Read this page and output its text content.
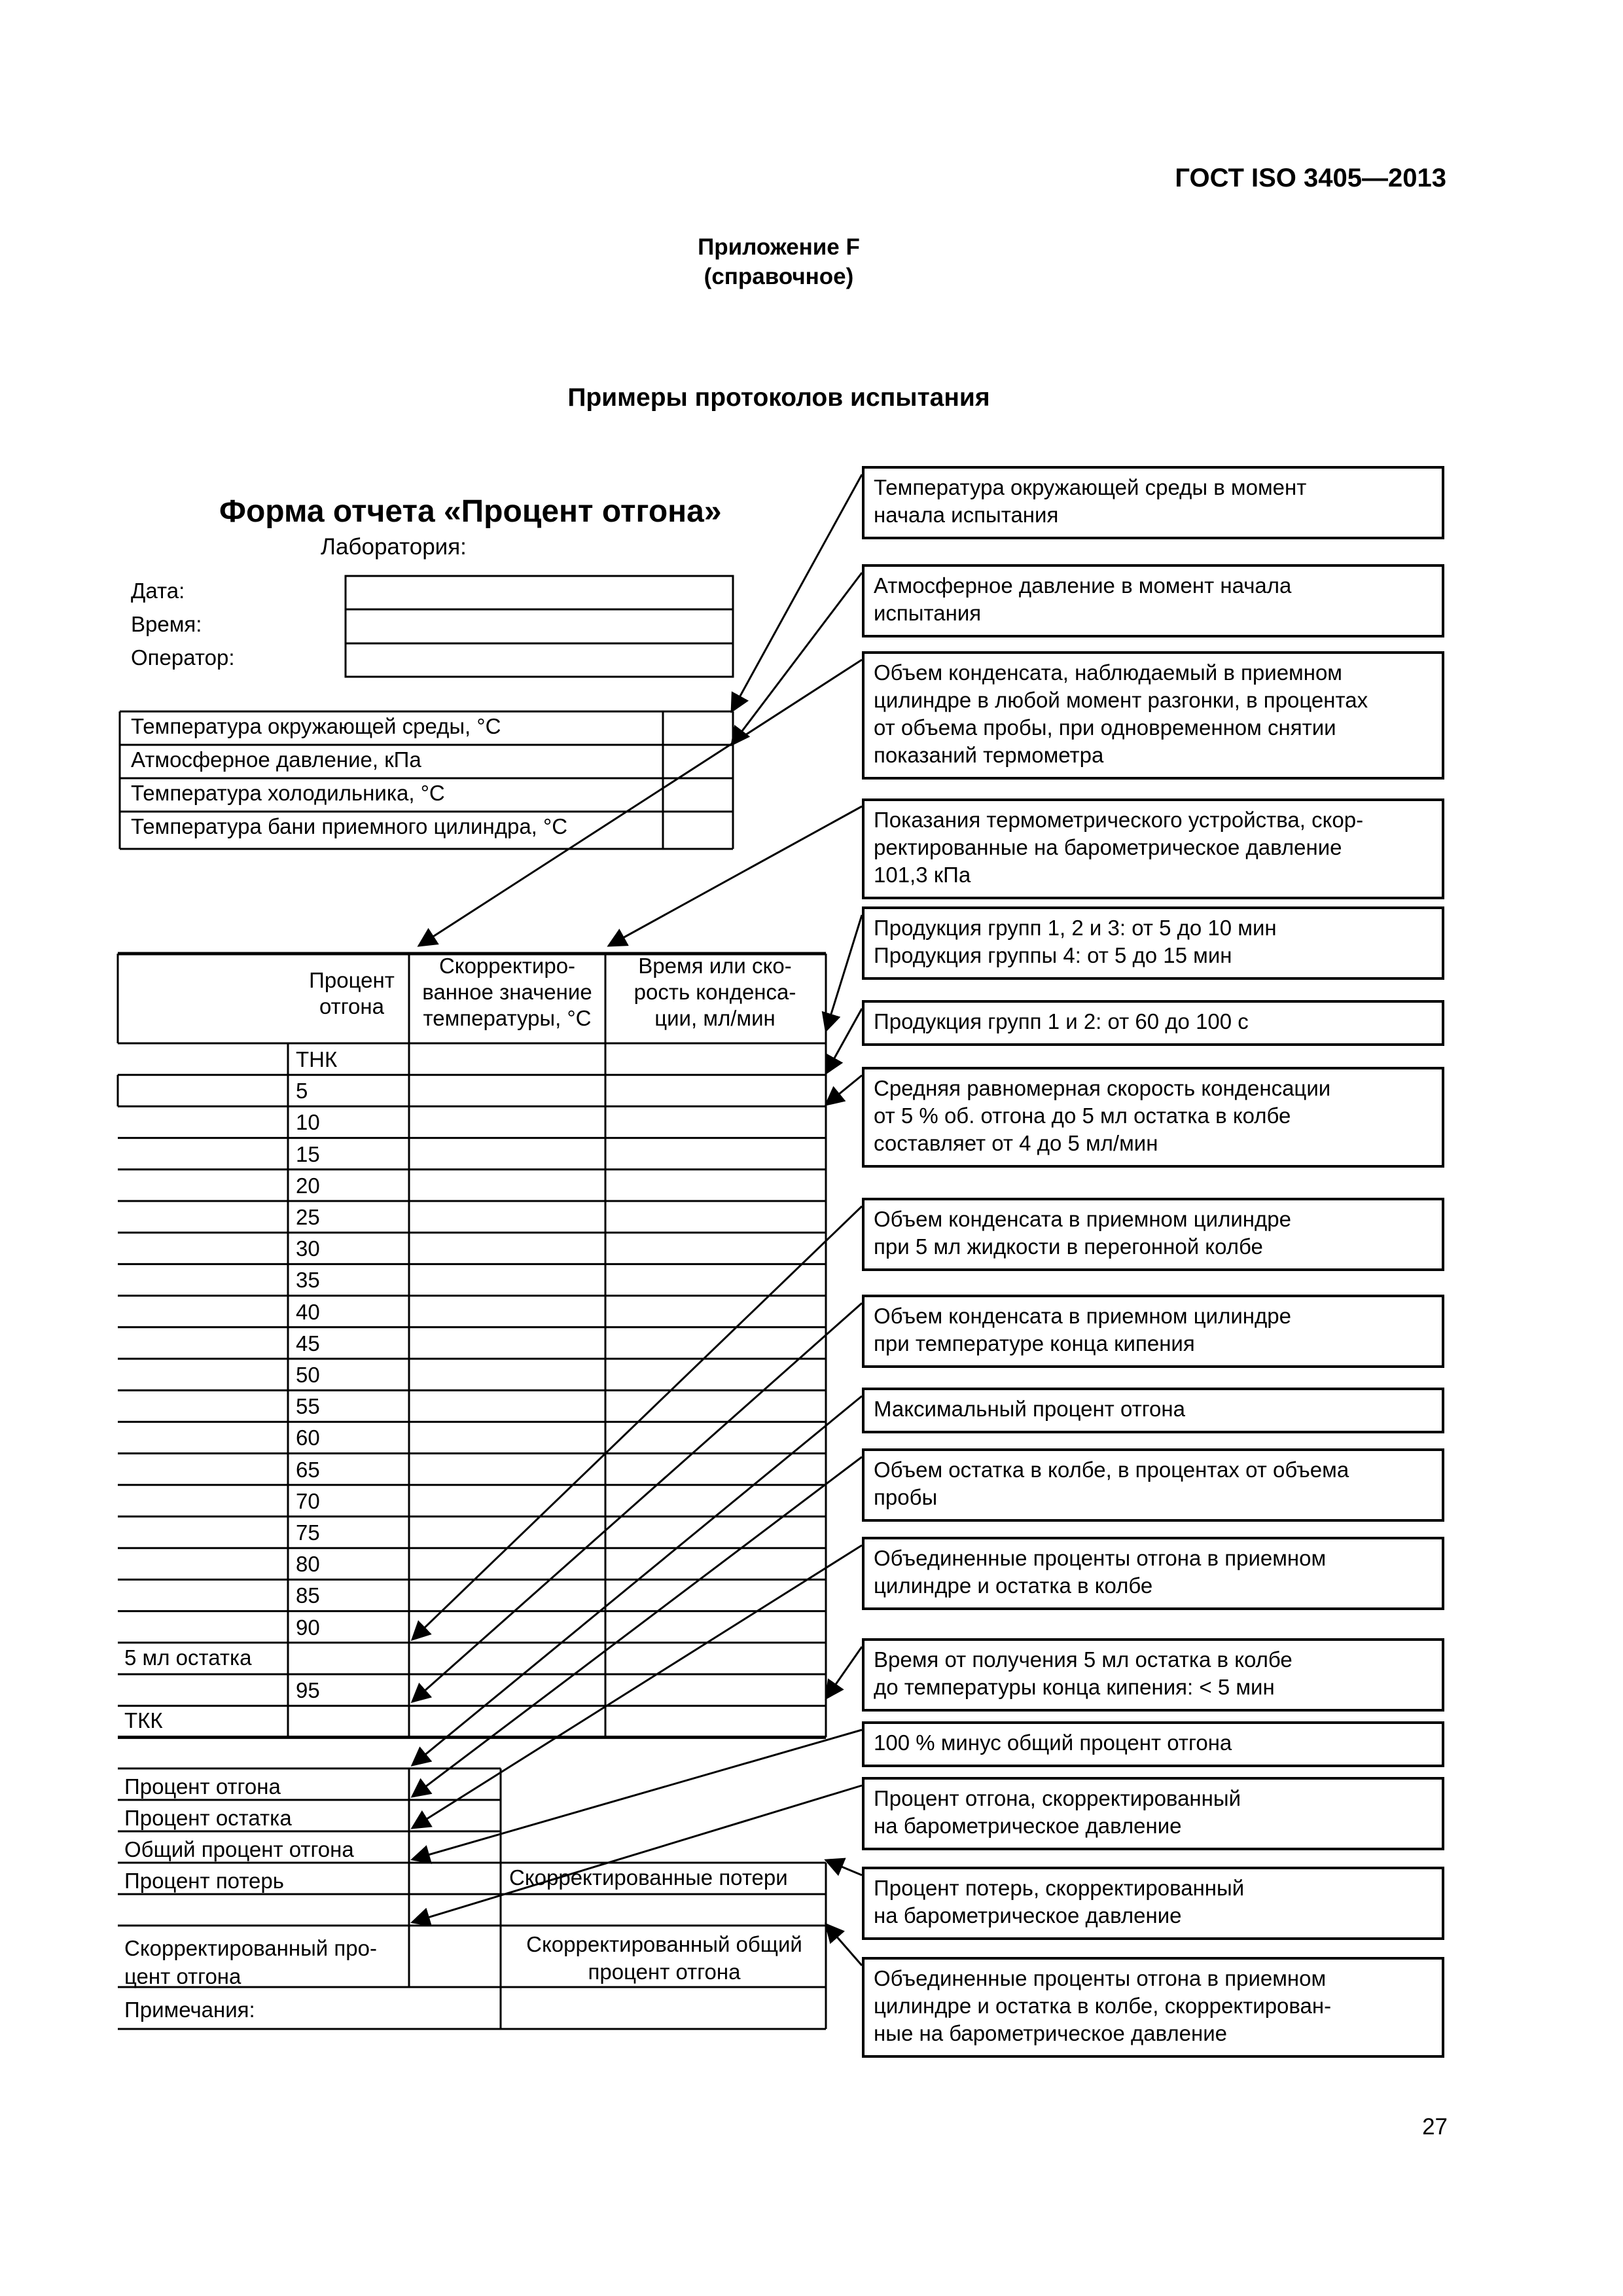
ГОСТ ISO 3405—2013
Приложение F
(справочное)
Примеры протоколов испытания
Форма отчета «Процент отгона»
Лаборатория:
Дата:
Время:
Оператор:
Температура окружающей среды, °C
Атмосферное давление, кПа
Температура холодильника, °C
Температура бани приемного цилиндра, °C
Процент
отгона
Скорректиро-
ванное значение
температуры, °C
Время или ско-
рость конденса-
ции, мл/мин
ТНК
5
10
15
20
25
30
35
40
45
50
55
60
65
70
75
80
85
90
95
5 мл остатка
ТКК
Процент отгона
Процент остатка
Общий процент отгона
Процент потерь	Скорректированные потери
Скорректированный про-
цент отгона
Скорректированный общий
процент отгона
Примечания:
Температура окружающей среды в момент
начала испытания
Атмосферное давление в момент начала
испытания
Объем конденсата, наблюдаемый в приемном
цилиндре в любой момент разгонки, в процентах
от объема пробы, при одновременном снятии
показаний термометра
Показания термометрического устройства, скор-
ректированные на барометрическое давление
101,3 кПа
Продукция групп 1, 2 и 3: от 5 до 10 мин
Продукция группы 4: от 5 до 15 мин
Продукция групп 1 и 2: от 60 до 100 с
Средняя равномерная скорость конденсации
от 5 % об. отгона до 5 мл остатка в колбе
составляет от 4 до 5 мл/мин
Объем конденсата в приемном цилиндре
при 5 мл жидкости в перегонной колбе
Объем конденсата в приемном цилиндре
при температуре конца кипения
Максимальный процент отгона
Объем остатка в колбе, в процентах от объема
пробы
Объединенные проценты отгона в приемном
цилиндре и остатка в колбе
Время от получения 5 мл остатка в колбе
до температуры конца кипения: < 5 мин
100 % минус общий процент отгона
Процент отгона, скорректированный
на барометрическое давление
Процент потерь, скорректированный
на барометрическое давление
Объединенные проценты отгона в приемном
цилиндре и остатка в колбе, скорректирован-
ные на барометрическое давление
27
